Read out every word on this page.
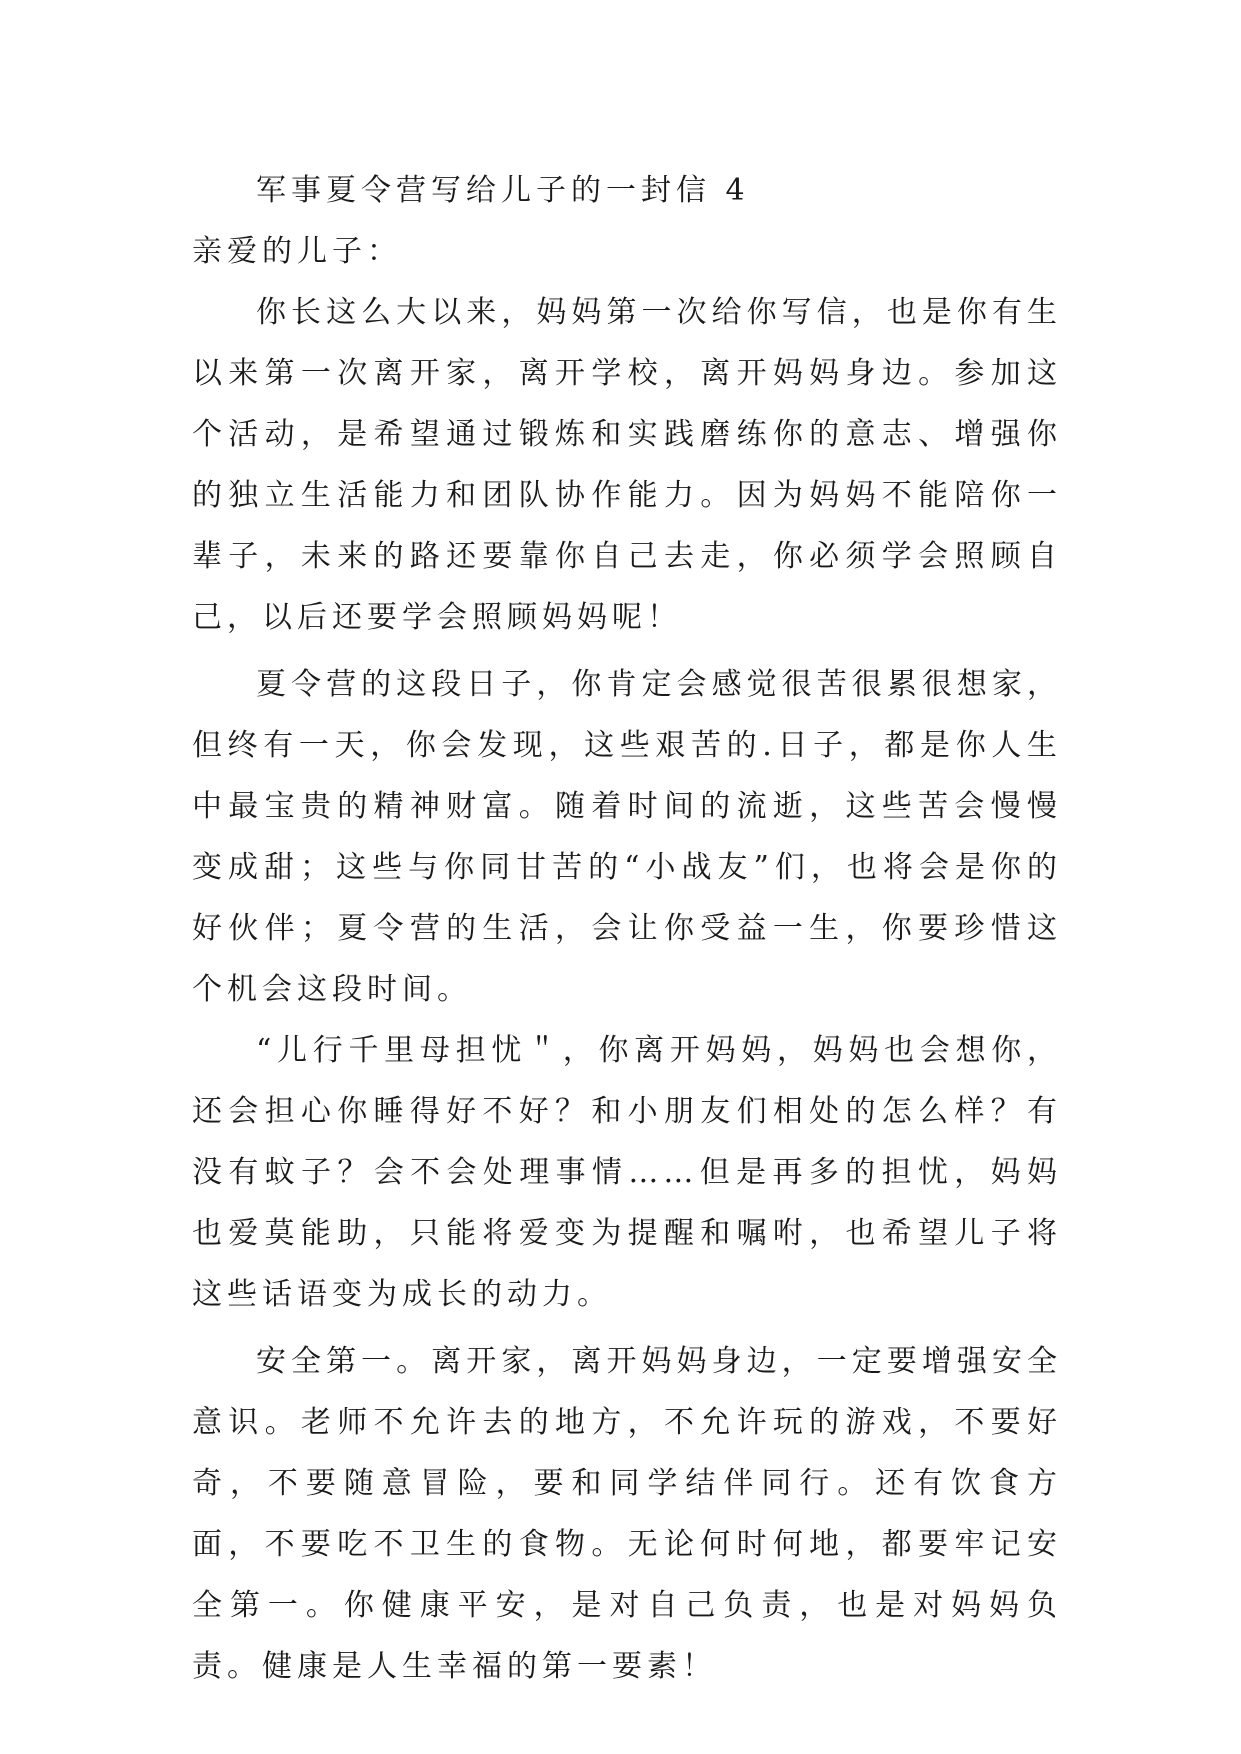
军事夏令营写给儿子的一封信 4

亲爱的儿子：

你长这么大以来，妈妈第一次给你写信，也是你有生以来第一次离开家，离开学校，离开妈妈身边。参加这个活动，是希望通过锻炼和实践磨练你的意志、增强你的独立生活能力和团队协作能力。因为妈妈不能陪你一辈子，未来的路还要靠你自己去走，你必须学会照顾自己，以后还要学会照顾妈妈呢！

夏令营的这段日子，你肯定会感觉很苦很累很想家，但终有一天，你会发现，这些艰苦的.日子，都是你人生中最宝贵的精神财富。随着时间的流逝，这些苦会慢慢变成甜；这些与你同甘苦的“小战友”们，也将会是你的好伙伴；夏令营的生活，会让你受益一生，你要珍惜这个机会这段时间。

“儿行千里母担忧＂，你离开妈妈，妈妈也会想你，还会担心你睡得好不好？和小朋友们相处的怎么样？有没有蚊子？会不会处理事情……但是再多的担忧，妈妈也爱莫能助，只能将爱变为提醒和嘱咐，也希望儿子将这些话语变为成长的动力。

安全第一。离开家，离开妈妈身边，一定要增强安全意识。老师不允许去的地方，不允许玩的游戏，不要好奇，不要随意冒险，要和同学结伴同行。还有饮食方面，不要吃不卫生的食物。无论何时何地，都要牢记安全第一。你健康平安，是对自己负责，也是对妈妈负责。健康是人生幸福的第一要素！
